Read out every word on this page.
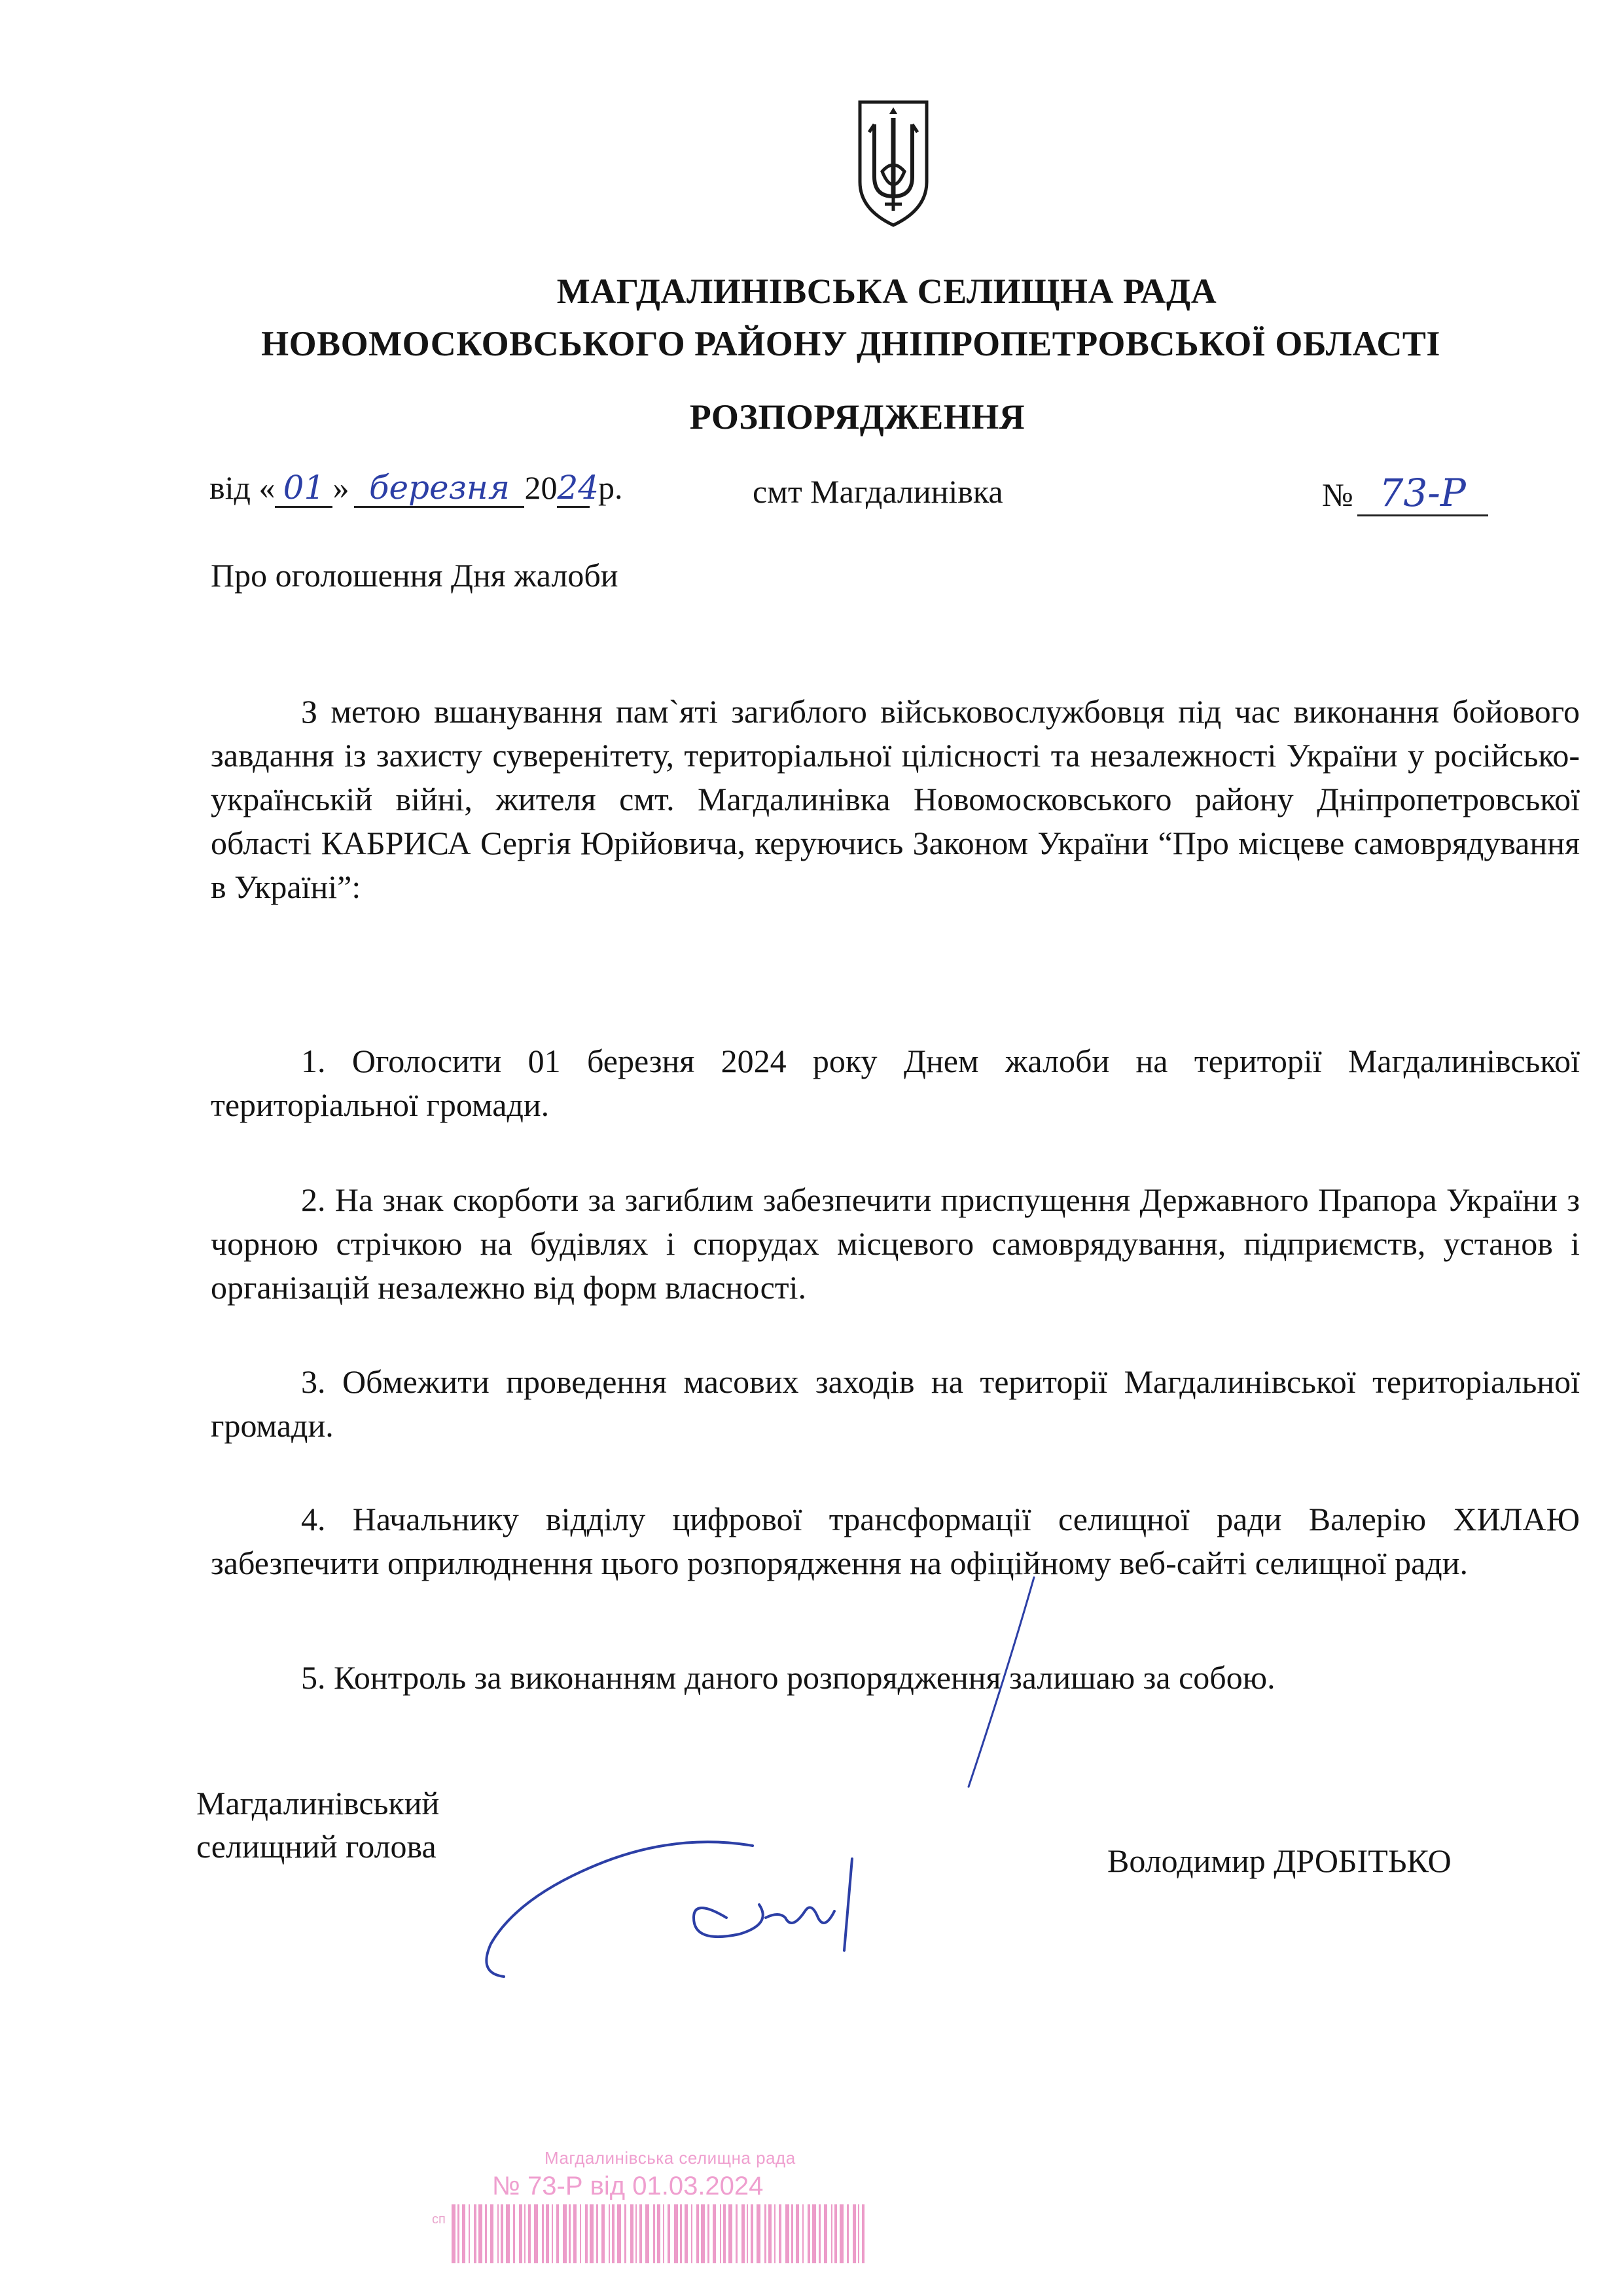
МАГДАЛИНІВСЬКА СЕЛИЩНА РАДА
НОВОМОСКОВСЬКОГО РАЙОНУ ДНІПРОПЕТРОВСЬКОЇ ОБЛАСТІ
РОЗПОРЯДЖЕННЯ
від « 01 » березня 2024 р.	смт Магдалинівка	№ 73-Р
Про оголошення Дня жалоби
З метою вшанування пам`яті загиблого військовослужбовця під час виконання бойового завдання із захисту суверенітету, територіальної цілісності та незалежності України у російсько-українській війні, жителя смт. Магдалинівка Новомосковського району Дніпропетровської області КАБРИСА Сергія Юрійовича, керуючись Законом України “Про місцеве самоврядування в Україні”:
1. Оголосити 01 березня 2024 року Днем жалоби на території Магдалинівської територіальної громади.
2. На знак скорботи за загиблим забезпечити приспущення Державного Прапора України з чорною стрічкою на будівлях і спорудах місцевого самоврядування, підприємств, установ і організацій незалежно від форм власності.
3. Обмежити проведення масових заходів на території Магдалинівської територіальної громади.
4. Начальнику відділу цифрової трансформації селищної ради Валерію ХИЛАЮ забезпечити оприлюднення цього розпорядження на офіційному веб-сайті селищної ради.
5. Контроль за виконанням даного розпорядження залишаю за собою.
Магдалинівський
селищний голова	Володимир ДРОБІТЬКО
Магдалинівська селищна рада
№ 73-Р від 01.03.2024
сп
